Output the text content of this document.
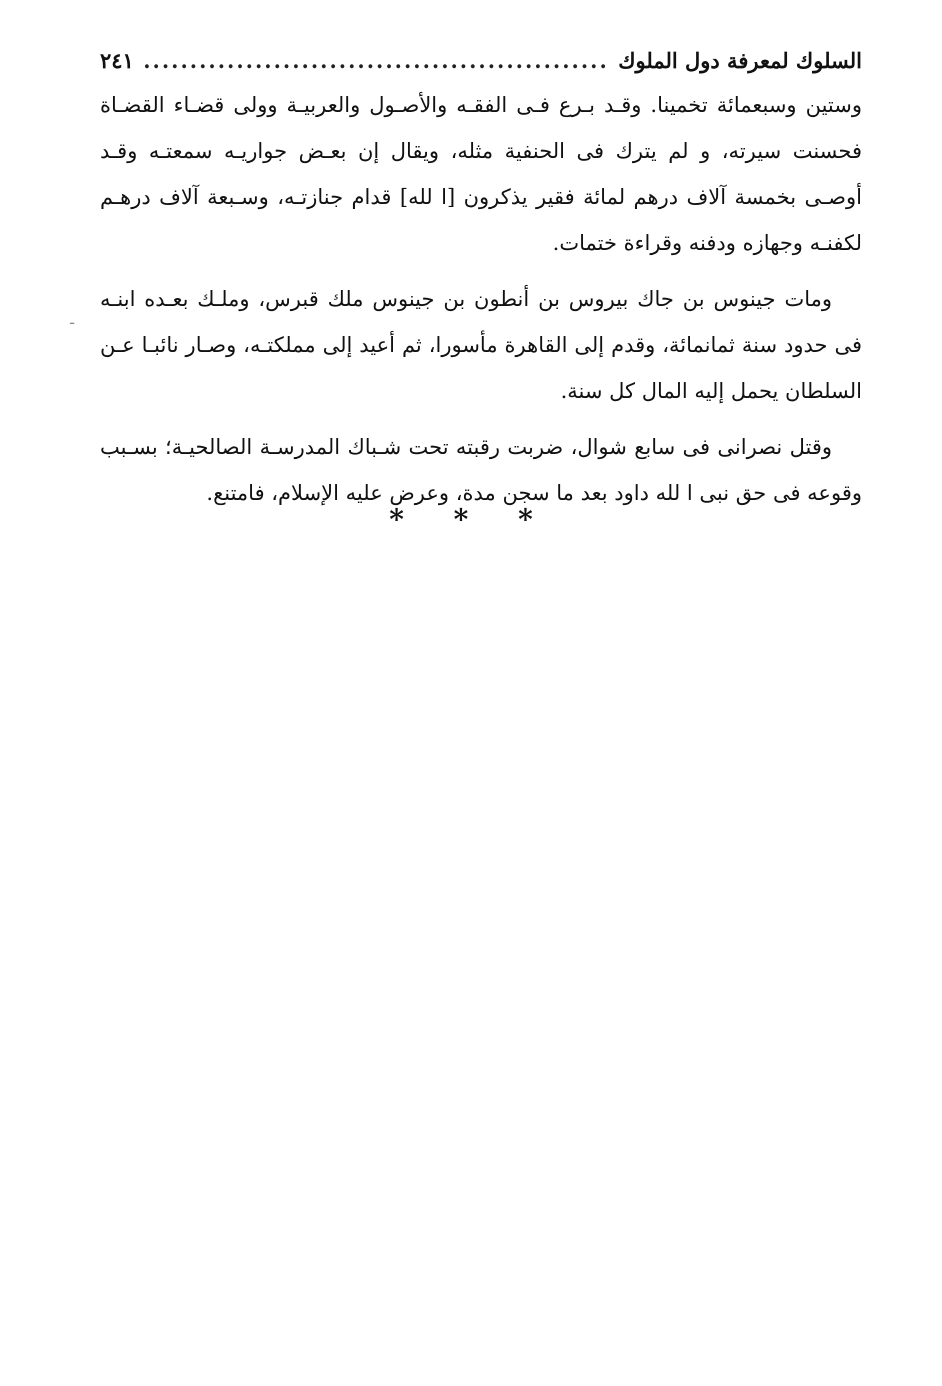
السلوك لمعرفة دول الملوك
..................................................
٢٤١
ـ

وستين وسبعمائة تخمينا. وقـد بـرع فـى الفقـه والأصـول والعربيـة وولى قضـاء القضـاة فحسنت سيرته، و لم يترك فى الحنفية مثله، ويقال إن بعـض جواريـه سمعتـه وقـد أوصـى بخمسة آلاف درهم لمائة فقير يذكرون [ا لله] قدام جنازتـه، وسـبعة آلاف درهـم لكفنـه وجهازه ودفنه وقراءة ختمات.

ومات جينوس بن جاك بيروس بن أنطون بن جينوس ملك قبرس، وملـك بعـده ابنـه فى حدود سنة ثمانمائة، وقدم إلى القاهرة مأسورا، ثم أعيد إلى مملكتـه، وصـار نائبـا عـن السلطان يحمل إليه المال كل سنة.

وقتل نصرانى فى سابع شوال، ضربت رقبته تحت شـباك المدرسـة الصالحيـة؛ بسـبب وقوعه فى حق نبى ا لله داود بعد ما سجن مدة، وعرض عليه الإسلام، فامتنع.

* * *
